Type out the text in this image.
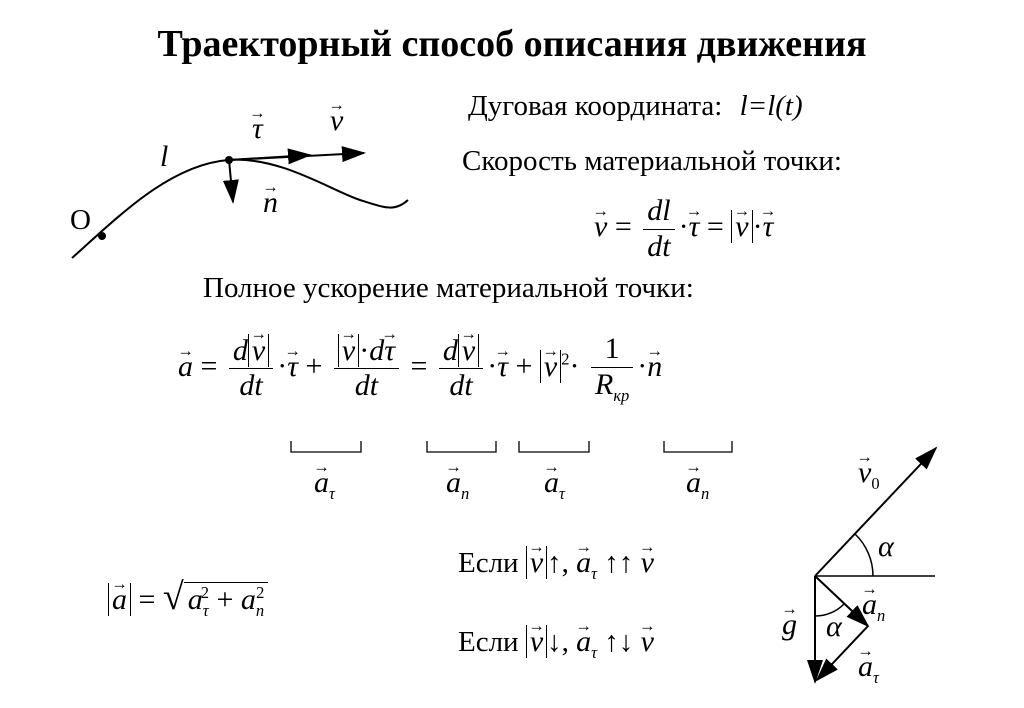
Траекторный способ описания движения
O
l
→ τ
→ v
→ n
Дуговая координата: l=l(t)
Скорость материальной точки:
→ $v = \frac{dl}{dt} \cdot\to \tau$ = → v ·→ τ
Полное ускорение материальной точки:
→ $a = \frac{d\to v}{dt} \cdot\to \tau$ +
→ $\frac{v \cdot d\to \tau}{dt} = \frac{d\to v}{dt} \cdot\to \tau$ + → v $^2\cdot \frac{1}{R_{кр}} \cdot\to n$
→ $a_\tau$
→	$a_n$
→ $a_\tau$
→	$a_n$
→ a = √ $a_\tau^2 + a_n^2$
Если → v ↑, → $a_\tau$ ↑↑ → v
Если → v ↓, → $a_\tau$ ↑↓ → v
→ $v_0$
α
α
→ g
→ $a_n$
→ $a_\tau$
